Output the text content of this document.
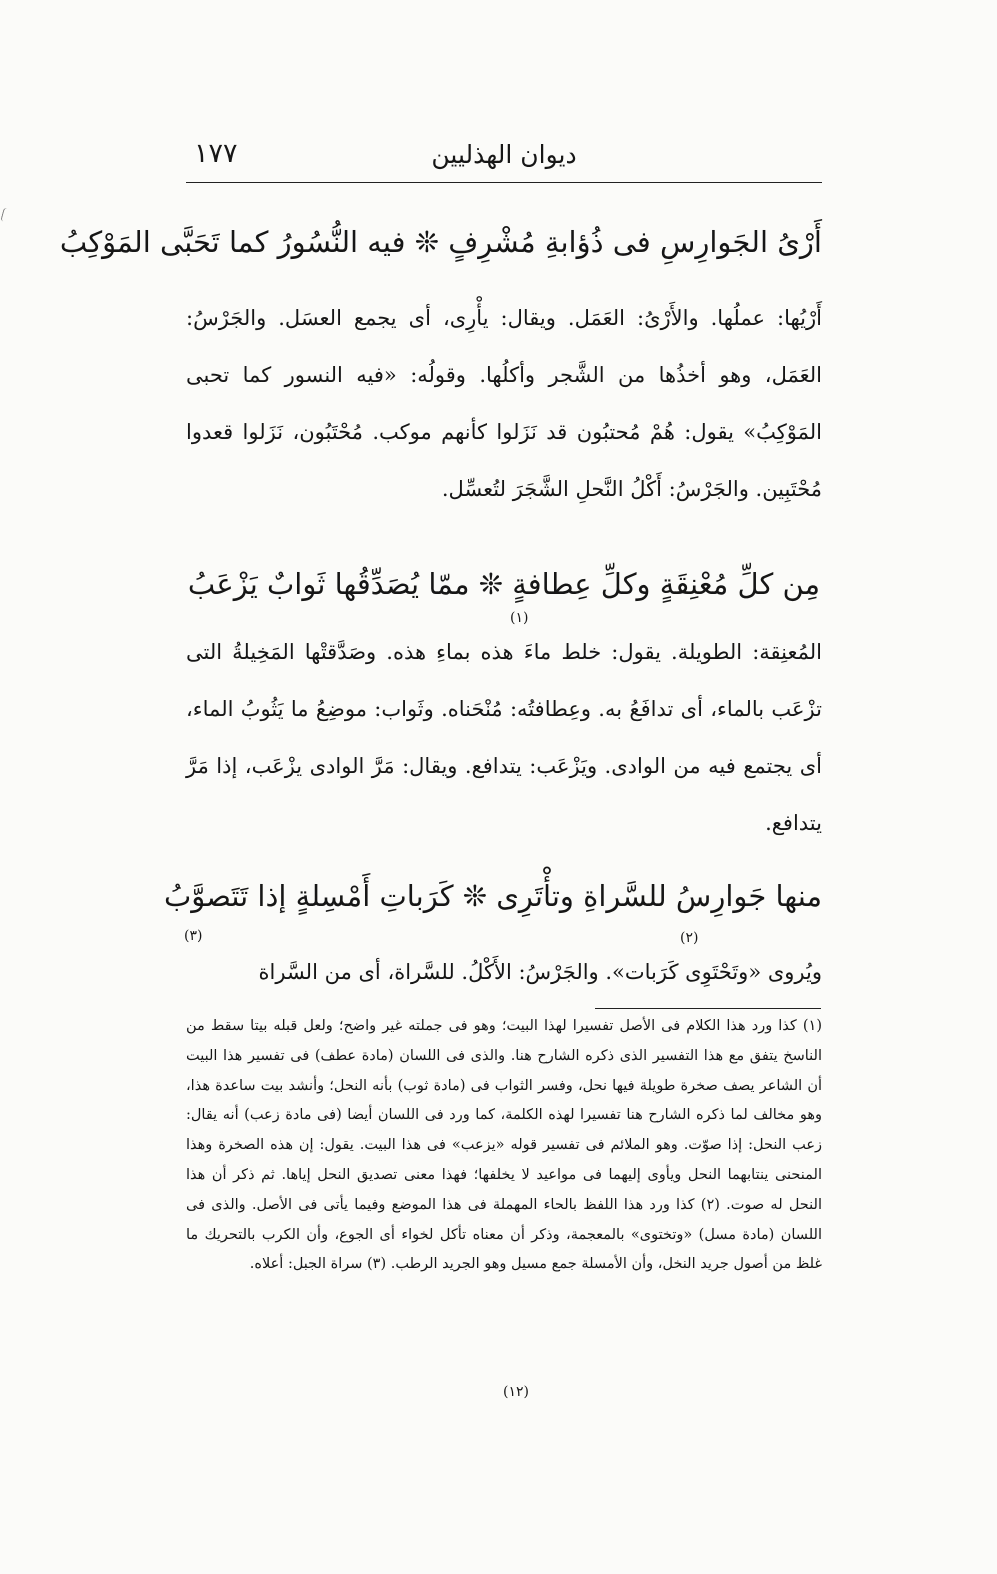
ديوان الهذليين
١٧٧
أَرْىُ الجَوارِسِ فى ذُؤابةِ مُشْرِفٍ ❊ فيه النُّسُورُ كما تَحَبَّى المَوْكِبُ

أَرْيُها: عملُها. والأَرْىُ: العَمَل. ويقال: يأْرِى، أى يجمع العسَل. والجَرْسُ: العَمَل، وهو أخذُها من الشَّجر وأكلُها. وقولُه: «فيه النسور كما تحبى المَوْكِبُ» يقول: هُمْ مُحتبُون قد نَزَلوا كأنهم موكب. مُحْتَبُون، نَزَلوا قعدوا مُحْتَبِين. والجَرْسُ: أَكْلُ النَّحلِ الشَّجَرَ لتُعسِّل.

مِن كلِّ مُعْنِقَةٍ وكلِّ عِطافةٍ ❊ ممّا يُصَدِّقُها ثَوابٌ يَزْعَبُ
(١)

المُعنِقة: الطويلة. يقول: خلط ماءَ هذه بماءِ هذه. وصَدَّقتْها المَخِيلةُ التى تزْعَب بالماء، أى تدافَعُ به. وعِطافتُه: مُنْحَناه. وثَواب: موضِعُ ما يَثُوبُ الماء، أى يجتمع فيه من الوادى. ويَزْعَب: يتدافع. ويقال: مَرَّ الوادى يزْعَب، إذا مَرَّ يتدافع.

منها جَوارِسُ للسَّراةِ وتأْتَرِى ❊ كَرَباتِ أَمْسِلةٍ إذا تَتَصوَّبُ
(٢)
(٣)

ويُروى «وتَحْتَوِى كَرَبات». والجَرْسُ: الأَكْلُ. للسَّراة، أى من السَّراة

(١) كذا ورد هذا الكلام فى الأصل تفسيرا لهذا البيت؛ وهو فى جملته غير واضح؛ ولعل قبله بيتا سقط من الناسخ يتفق مع هذا التفسير الذى ذكره الشارح هنا. والذى فى اللسان (مادة عطف) فى تفسير هذا البيت أن الشاعر يصف صخرة طويلة فيها نحل، وفسر الثواب فى (مادة ثوب) بأنه النحل؛ وأنشد بيت ساعدة هذا، وهو مخالف لما ذكره الشارح هنا تفسيرا لهذه الكلمة، كما ورد فى اللسان أيضا (فى مادة زعب) أنه يقال: زعب النحل: إذا صوّت. وهو الملائم فى تفسير قوله «يزعب» فى هذا البيت. يقول: إن هذه الصخرة وهذا المنحنى ينتابهما النحل ويأوى إليهما فى مواعيد لا يخلفها؛ فهذا معنى تصديق النحل إياها. ثم ذكر أن هذا النحل له صوت. (٢) كذا ورد هذا اللفظ بالحاء المهملة فى هذا الموضع وفيما يأتى فى الأصل. والذى فى اللسان (مادة مسل) «وتختوى» بالمعجمة، وذكر أن معناه تأكل لخواء أى الجوع، وأن الكرب بالتحريك ما غلظ من أصول جريد النخل، وأن الأمسلة جمع مسيل وهو الجريد الرطب. (٣) سراة الجبل: أعلاه.

(١٢)
